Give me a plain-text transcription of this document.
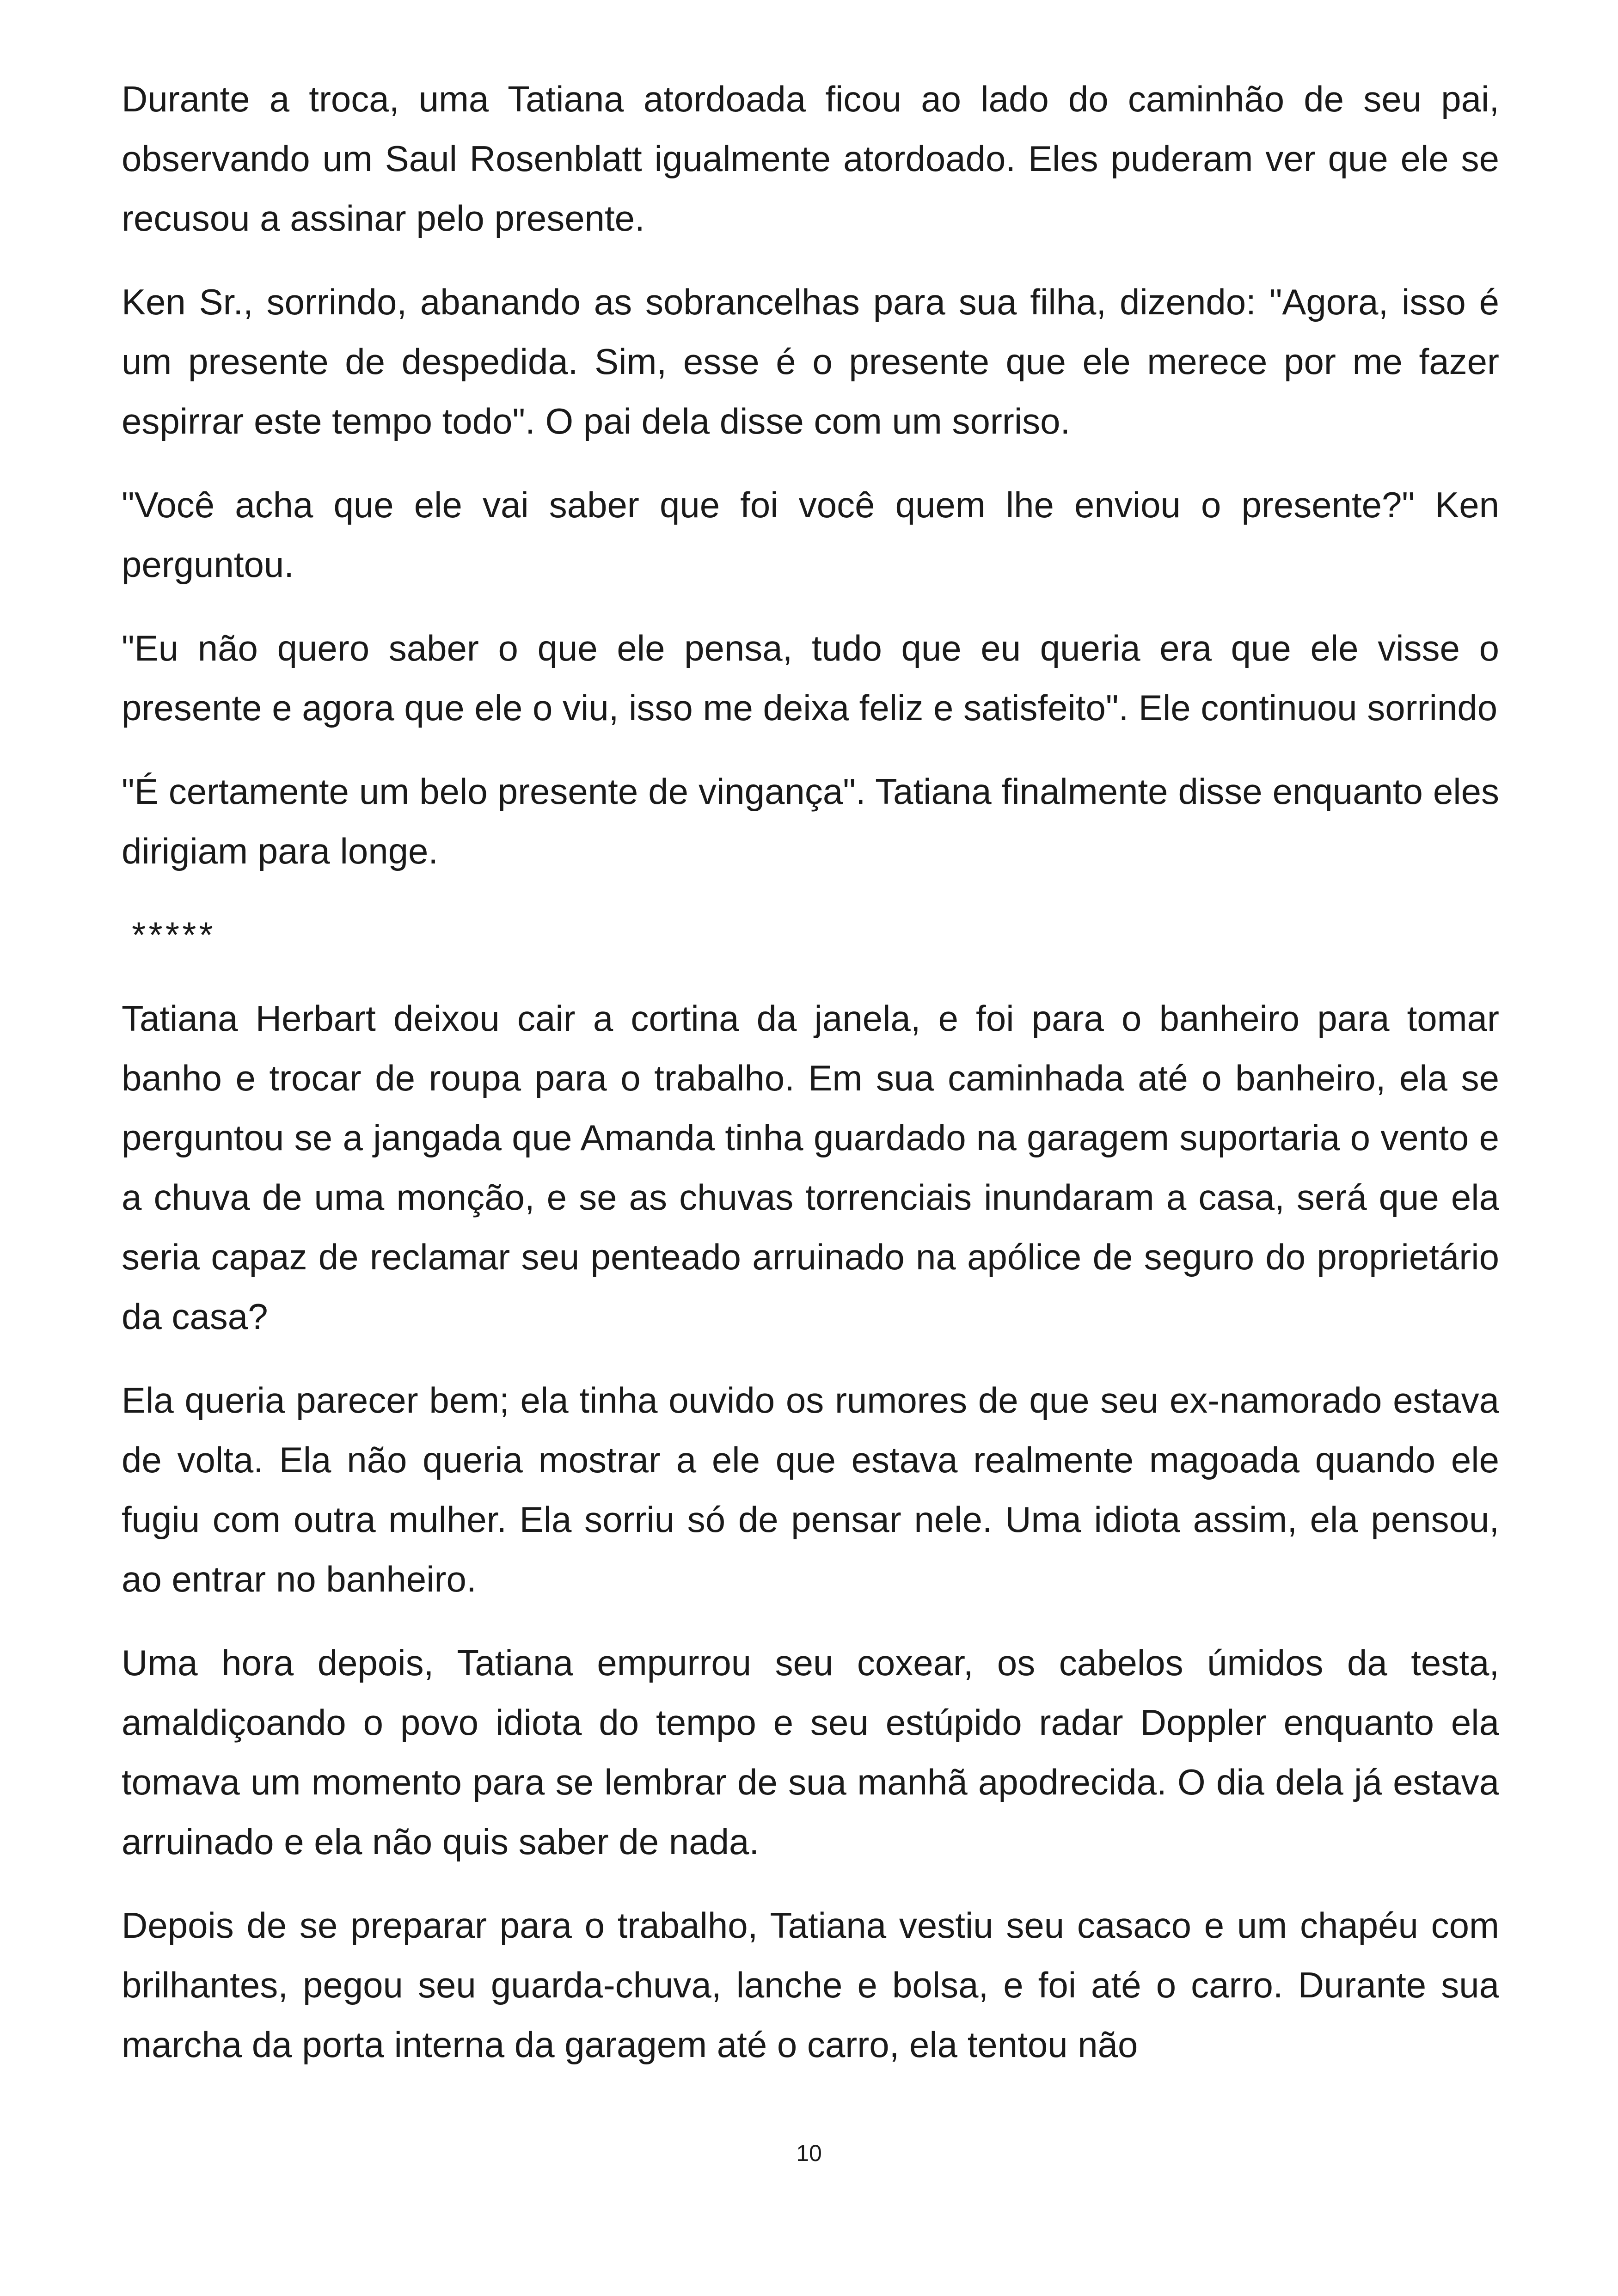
Durante a troca, uma Tatiana atordoada ficou ao lado do caminhão de seu pai, observando um Saul Rosenblatt igualmente atordoado. Eles puderam ver que ele se recusou a assinar pelo presente.

Ken Sr., sorrindo, abanando as sobrancelhas para sua filha, dizendo: "Agora, isso é um presente de despedida. Sim, esse é o presente que ele merece por me fazer espirrar este tempo todo". O pai dela disse com um sorriso.

"Você acha que ele vai saber que foi você quem lhe enviou o presente?" Ken perguntou.

"Eu não quero saber o que ele pensa, tudo que eu queria era que ele visse o presente e agora que ele o viu, isso me deixa feliz e satisfeito". Ele continuou sorrindo

"É certamente um belo presente de vingança". Tatiana finalmente disse enquanto eles dirigiam para longe.

*****

Tatiana Herbart deixou cair a cortina da janela, e foi para o banheiro para tomar banho e trocar de roupa para o trabalho. Em sua caminhada até o banheiro, ela se perguntou se a jangada que Amanda tinha guardado na garagem suportaria o vento e a chuva de uma monção, e se as chuvas torrenciais inundaram a casa, será que ela seria capaz de reclamar seu penteado arruinado na apólice de seguro do proprietário da casa?

Ela queria parecer bem; ela tinha ouvido os rumores de que seu ex-namorado estava de volta. Ela não queria mostrar a ele que estava realmente magoada quando ele fugiu com outra mulher. Ela sorriu só de pensar nele. Uma idiota assim, ela pensou, ao entrar no banheiro.

Uma hora depois, Tatiana empurrou seu coxear, os cabelos úmidos da testa, amaldiçoando o povo idiota do tempo e seu estúpido radar Doppler enquanto ela tomava um momento para se lembrar de sua manhã apodrecida. O dia dela já estava arruinado e ela não quis saber de nada.

Depois de se preparar para o trabalho, Tatiana vestiu seu casaco e um chapéu com brilhantes, pegou seu guarda-chuva, lanche e bolsa, e foi até o carro. Durante sua marcha da porta interna da garagem até o carro, ela tentou não

10
